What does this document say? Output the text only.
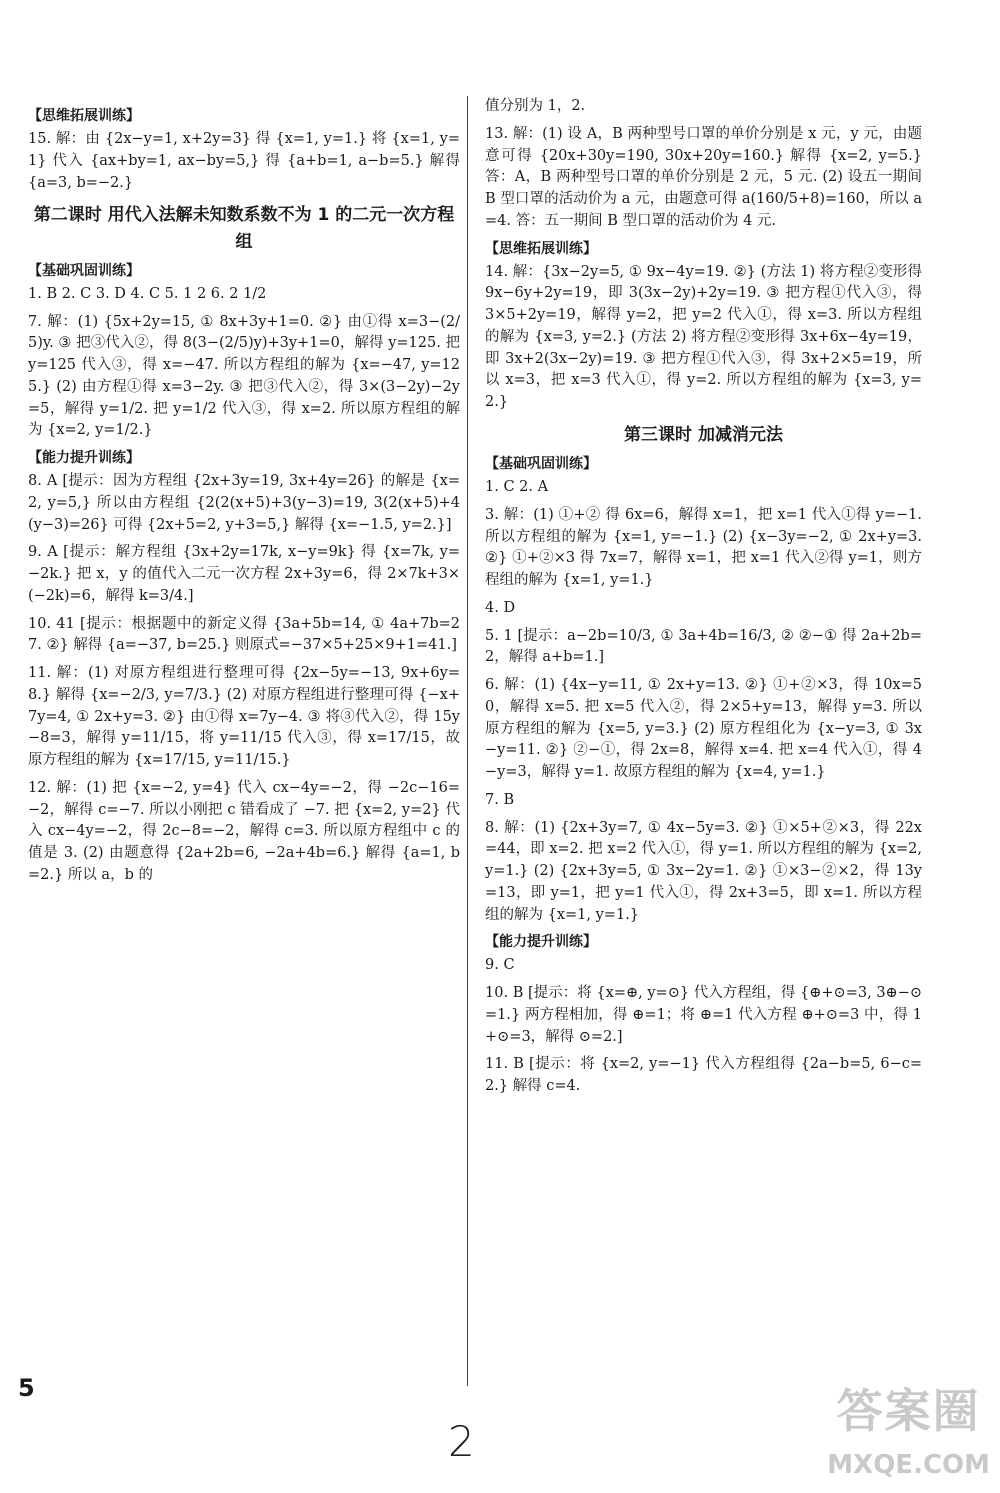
【思维拓展训练】
15. 解：由 {2x−y=1, x+2y=3} 得 {x=1, y=1.} 将 {x=1, y=1} 代入 {ax+by=1, ax−by=5,} 得 {a+b=1, a−b=5.} 解得 {a=3, b=−2.}
第二课时 用代入法解未知数系数不为 1 的二元一次方程组
【基础巩固训练】
1. B 2. C 3. D 4. C 5. 1 2 6. 2 1/2
7. 解：(1) {5x+2y=15, ① 8x+3y+1=0. ②} 由①得 x=3−(2/5)y. ③ 把③代入②，得 8(3−(2/5)y)+3y+1=0，解得 y=125. 把 y=125 代入③，得 x=−47. 所以方程组的解为 {x=−47, y=125.} (2) 由方程①得 x=3−2y. ③ 把③代入②，得 3×(3−2y)−2y=5，解得 y=1/2. 把 y=1/2 代入③，得 x=2. 所以原方程组的解为 {x=2, y=1/2.}
【能力提升训练】
8. A [提示：因为方程组 {2x+3y=19, 3x+4y=26} 的解是 {x=2, y=5,} 所以由方程组 {2(2(x+5)+3(y−3)=19, 3(2(x+5)+4(y−3)=26} 可得 {2x+5=2, y+3=5,} 解得 {x=−1.5, y=2.}]
9. A [提示：解方程组 {3x+2y=17k, x−y=9k} 得 {x=7k, y=−2k.} 把 x，y 的值代入二元一次方程 2x+3y=6，得 2×7k+3×(−2k)=6，解得 k=3/4.]
10. 41 [提示：根据题中的新定义得 {3a+5b=14, ① 4a+7b=27. ②} 解得 {a=−37, b=25.} 则原式=−37×5+25×9+1=41.]
11. 解：(1) 对原方程组进行整理可得 {2x−5y=−13, 9x+6y=8.} 解得 {x=−2/3, y=7/3.} (2) 对原方程组进行整理可得 {−x+7y=4, ① 2x+y=3. ②} 由①得 x=7y−4. ③ 将③代入②，得 15y−8=3，解得 y=11/15，将 y=11/15 代入③，得 x=17/15，故原方程组的解为 {x=17/15, y=11/15.}
12. 解：(1) 把 {x=−2, y=4} 代入 cx−4y=−2，得 −2c−16=−2，解得 c=−7. 所以小刚把 c 错看成了 −7. 把 {x=2, y=2} 代入 cx−4y=−2，得 2c−8=−2，解得 c=3. 所以原方程组中 c 的值是 3. (2) 由题意得 {2a+2b=6, −2a+4b=6.} 解得 {a=1, b=2.} 所以 a，b 的
值分别为 1，2.
13. 解：(1) 设 A，B 两种型号口罩的单价分别是 x 元，y 元，由题意可得 {20x+30y=190, 30x+20y=160.} 解得 {x=2, y=5.} 答：A，B 两种型号口罩的单价分别是 2 元，5 元. (2) 设五一期间 B 型口罩的活动价为 a 元，由题意可得 a(160/5+8)=160，所以 a=4. 答：五一期间 B 型口罩的活动价为 4 元.
【思维拓展训练】
14. 解：{3x−2y=5, ① 9x−4y=19. ②} (方法 1) 将方程②变形得 9x−6y+2y=19，即 3(3x−2y)+2y=19. ③ 把方程①代入③，得 3×5+2y=19，解得 y=2，把 y=2 代入①，得 x=3. 所以方程组的解为 {x=3, y=2.} (方法 2) 将方程②变形得 3x+6x−4y=19，即 3x+2(3x−2y)=19. ③ 把方程①代入③，得 3x+2×5=19，所以 x=3，把 x=3 代入①，得 y=2. 所以方程组的解为 {x=3, y=2.}
第三课时 加减消元法
【基础巩固训练】
1. C 2. A
3. 解：(1) ①+② 得 6x=6，解得 x=1，把 x=1 代入①得 y=−1. 所以方程组的解为 {x=1, y=−1.} (2) {x−3y=−2, ① 2x+y=3. ②} ①+②×3 得 7x=7，解得 x=1，把 x=1 代入②得 y=1，则方程组的解为 {x=1, y=1.}
4. D
5. 1 [提示：a−2b=10/3, ① 3a+4b=16/3, ② ②−① 得 2a+2b=2，解得 a+b=1.]
6. 解：(1) {4x−y=11, ① 2x+y=13. ②} ①+②×3，得 10x=50，解得 x=5. 把 x=5 代入②，得 2×5+y=13，解得 y=3. 所以原方程组的解为 {x=5, y=3.} (2) 原方程组化为 {x−y=3, ① 3x−y=11. ②} ②−①，得 2x=8，解得 x=4. 把 x=4 代入①，得 4−y=3，解得 y=1. 故原方程组的解为 {x=4, y=1.}
7. B
8. 解：(1) {2x+3y=7, ① 4x−5y=3. ②} ①×5+②×3，得 22x=44，即 x=2. 把 x=2 代入①，得 y=1. 所以方程组的解为 {x=2, y=1.} (2) {2x+3y=5, ① 3x−2y=1. ②} ①×3−②×2，得 13y=13，即 y=1，把 y=1 代入①，得 2x+3=5，即 x=1. 所以方程组的解为 {x=1, y=1.}
【能力提升训练】
9. C
10. B [提示：将 {x=⊕, y=⊙} 代入方程组，得 {⊕+⊙=3, 3⊕−⊙=1.} 两方程相加，得 ⊕=1；将 ⊕=1 代入方程 ⊕+⊙=3 中，得 1+⊙=3，解得 ⊙=2.]
11. B [提示：将 {x=2, y=−1} 代入方程组得 {2a−b=5, 6−c=2.} 解得 c=4.
5
2
答案圈
MXQE.COM
